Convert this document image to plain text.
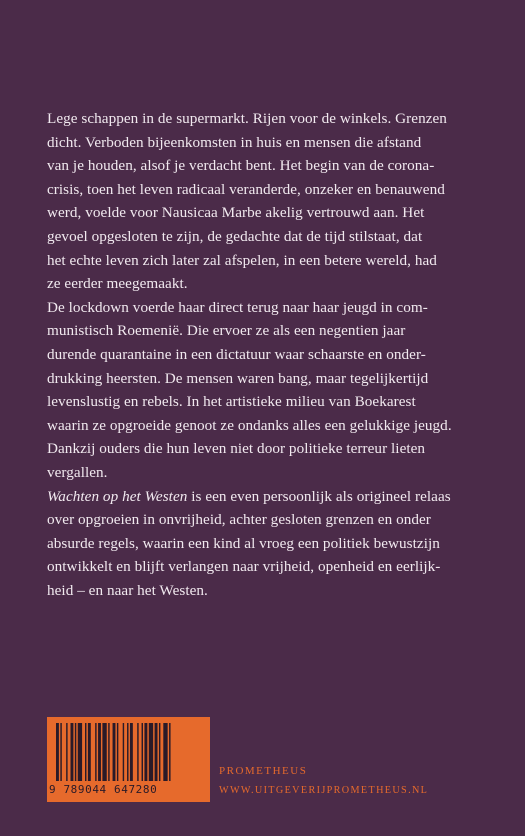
Lege schappen in de supermarkt. Rijen voor de winkels. Grenzen
dicht. Verboden bijeenkomsten in huis en mensen die afstand
van je houden, alsof je verdacht bent. Het begin van de corona-
crisis, toen het leven radicaal veranderde, onzeker en benauwend
werd, voelde voor Nausicaa Marbe akelig vertrouwd aan. Het
gevoel opgesloten te zijn, de gedachte dat de tijd stilstaat, dat
het echte leven zich later zal afspelen, in een betere wereld, had
ze eerder meegemaakt.

De lockdown voerde haar direct terug naar haar jeugd in com-
munistisch Roemenië. Die ervoer ze als een negentien jaar
durende quarantaine in een dictatuur waar schaarste en onder-
drukking heersten. De mensen waren bang, maar tegelijkertijd
levenslustig en rebels. In het artistieke milieu van Boekarest
waarin ze opgroeide genoot ze ondanks alles een gelukkige jeugd.
Dankzij ouders die hun leven niet door politieke terreur lieten
vergallen.

Wachten op het Westen is een even persoonlijk als origineel relaas
over opgroeien in onvrijheid, achter gesloten grenzen en onder
absurde regels, waarin een kind al vroeg een politiek bewustzijn
ontwikkelt en blijft verlangen naar vrijheid, openheid en eerlijk-
heid – en naar het Westen.

9 789044 647280
PROMETHEUS
WWW.UITGEVERIJPROMETHEUS.NL
